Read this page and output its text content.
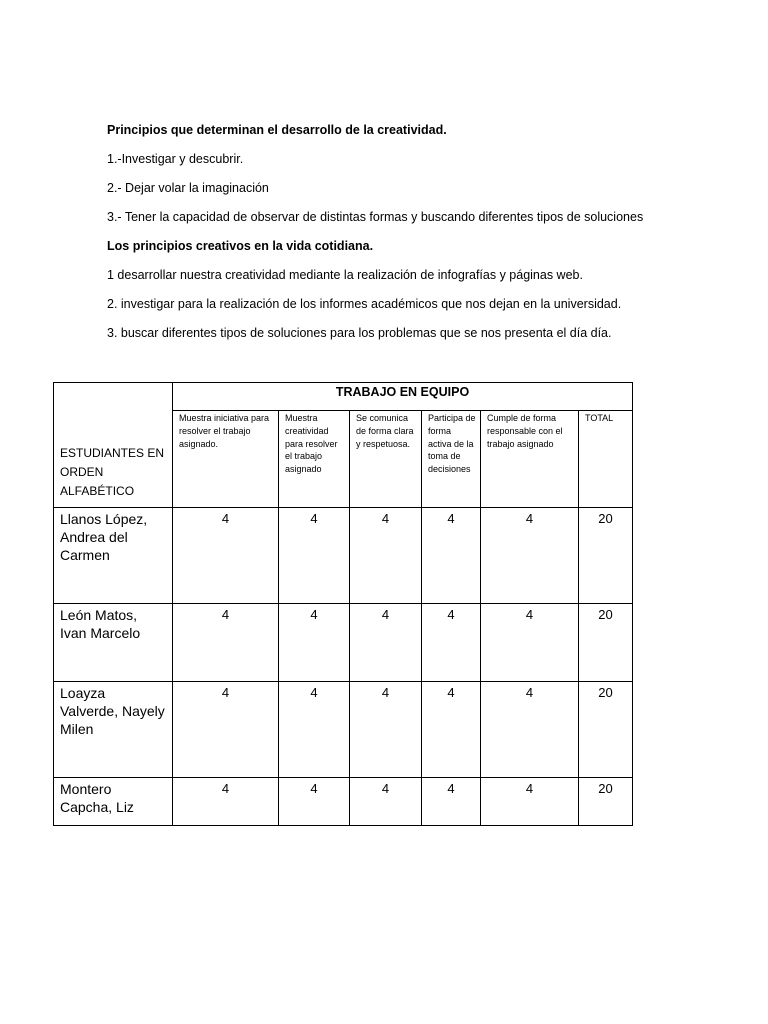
Principios que determinan el desarrollo de la creatividad.
1.-Investigar y descubrir.
2.- Dejar volar la imaginación
3.- Tener la capacidad de observar de distintas formas y buscando diferentes tipos de soluciones
Los principios creativos en la vida cotidiana.
1 desarrollar nuestra creatividad mediante la realización de infografías y páginas web.
2. investigar para la realización de los informes académicos que nos dejan en la universidad.
3. buscar diferentes tipos de soluciones para los problemas que se nos presenta el día día.
ESTUDIANTES EN ORDEN ALFABÉTICO	TRABAJO EN EQUIPO					
	Muestra iniciativa para resolver el trabajo asignado.	Muestra creatividad para resolver el trabajo asignado	Se comunica de forma clara y respetuosa.	Participa de forma activa de la toma de decisiones	Cumple de forma responsable con el trabajo asignado	TOTAL
Llanos López, Andrea del Carmen	4	4	4	4	4	20
León Matos, Ivan Marcelo	4	4	4	4	4	20
Loayza Valverde, Nayely Milen	4	4	4	4	4	20
Montero Capcha, Liz	4	4	4	4	4	20
